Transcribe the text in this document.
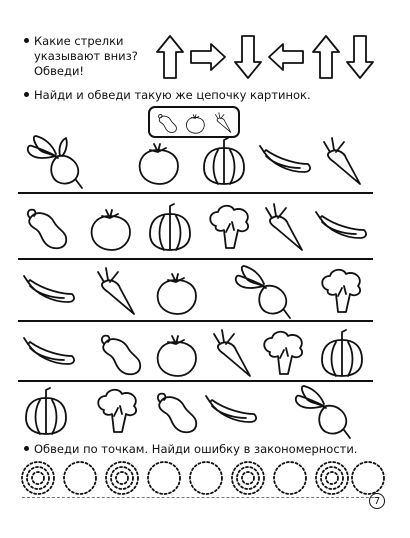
Какие стрелки
указывают вниз?
Обведи!
Найди и обведи такую же цепочку картинок.
Обведи по точкам. Найди ошибку в закономерности.
7
